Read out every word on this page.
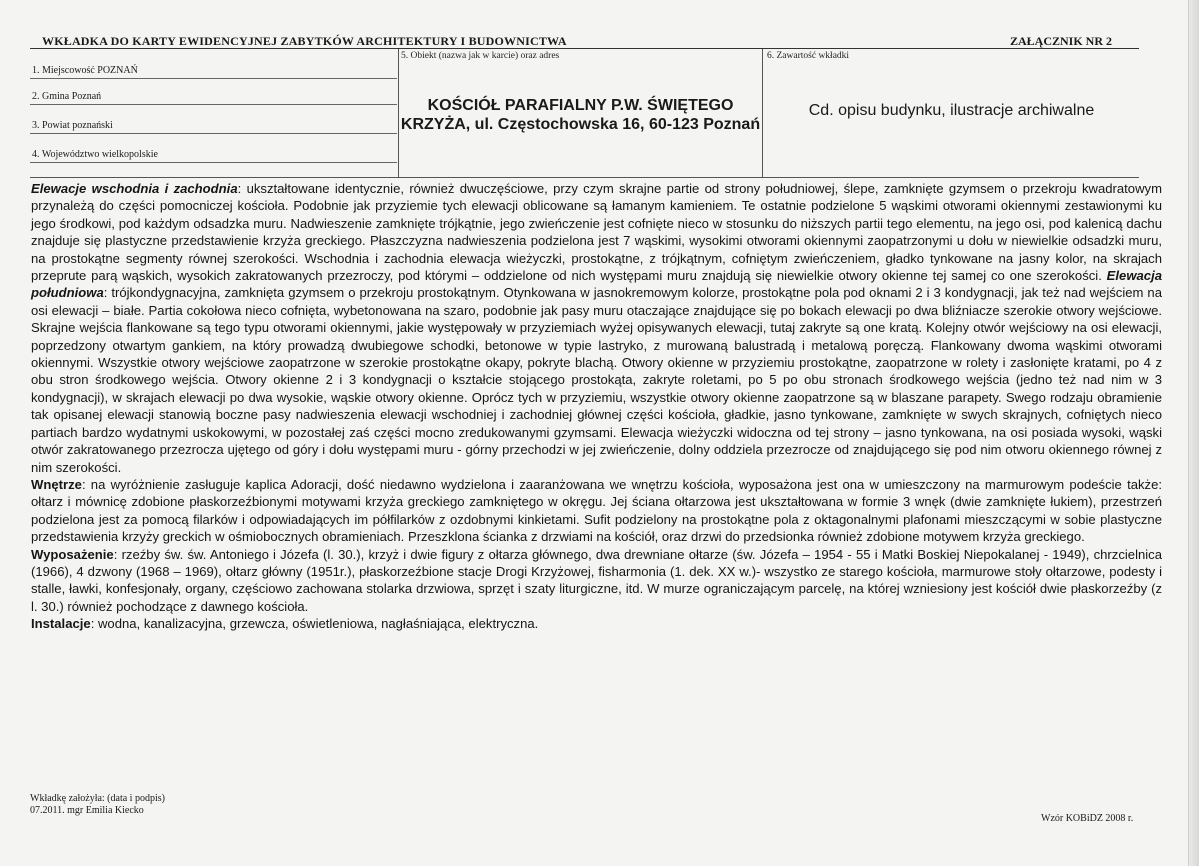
WKŁADKA DO KARTY EWIDENCYJNEJ ZABYTKÓW ARCHITEKTURY I BUDOWNICTWA	ZAŁĄCZNIK NR 2
1. Miejscowość POZNAŃ
2. Gmina Poznań
3. Powiat poznański
4. Województwo wielkopolskie
5. Obiekt (nazwa jak w karcie) oraz adres
KOŚCIÓŁ PARAFIALNY P.W. ŚWIĘTEGO KRZYŻA, ul. Częstochowska 16, 60-123 Poznań
6. Zawartość wkładki
Cd. opisu budynku, ilustracje archiwalne

Elewacje wschodnia i zachodnia: ukształtowane identycznie, również dwuczęściowe, przy czym skrajne partie od strony południowej, ślepe, zamknięte gzymsem o przekroju kwadratowym przynależą do części pomocniczej kościoła. Podobnie jak przyziemie tych elewacji oblicowane są łamanym kamieniem. Te ostatnie podzielone 5 wąskimi otworami okiennymi zestawionymi ku jego środkowi, pod każdym odsadzka muru. Nadwieszenie zamknięte trójkątnie, jego zwieńczenie jest cofnięte nieco w stosunku do niższych partii tego elementu, na jego osi, pod kalenicą dachu znajduje się plastyczne przedstawienie krzyża greckiego. Płaszczyzna nadwieszenia podzielona jest 7 wąskimi, wysokimi otworami okiennymi zaopatrzonymi u dołu w niewielkie odsadzki muru, na prostokątne segmenty równej szerokości. Wschodnia i zachodnia elewacja wieżyczki, prostokątne, z trójkątnym, cofniętym zwieńczeniem, gładko tynkowane na jasny kolor, na skrajach przeprute parą wąskich, wysokich zakratowanych przezroczy, pod którymi – oddzielone od nich występami muru znajdują się niewielkie otwory okienne tej samej co one szerokości. Elewacja południowa: trójkondygnacyjna, zamknięta gzymsem o przekroju prostokątnym. Otynkowana w jasnokremowym kolorze, prostokątne pola pod oknami 2 i 3 kondygnacji, jak też nad wejściem na osi elewacji – białe. Partia cokołowa nieco cofnięta, wybetonowana na szaro, podobnie jak pasy muru otaczające znajdujące się po bokach elewacji po dwa bliźniacze szerokie otwory wejściowe. Skrajne wejścia flankowane są tego typu otworami okiennymi, jakie występowały w przyziemiach wyżej opisywanych elewacji, tutaj zakryte są one kratą. Kolejny otwór wejściowy na osi elewacji, poprzedzony otwartym gankiem, na który prowadzą dwubiegowe schodki, betonowe w typie lastryko, z murowaną balustradą i metalową poręczą. Flankowany dwoma wąskimi otworami okiennymi. Wszystkie otwory wejściowe zaopatrzone w szerokie prostokątne okapy, pokryte blachą. Otwory okienne w przyziemiu prostokątne, zaopatrzone w rolety i zasłonięte kratami, po 4 z obu stron środkowego wejścia. Otwory okienne 2 i 3 kondygnacji o kształcie stojącego prostokąta, zakryte roletami, po 5 po obu stronach środkowego wejścia (jedno też nad nim w 3 kondygnacji), w skrajach elewacji po dwa wysokie, wąskie otwory okienne. Oprócz tych w przyziemiu, wszystkie otwory okienne zaopatrzone są w blaszane parapety. Swego rodzaju obramienie tak opisanej elewacji stanowią boczne pasy nadwieszenia elewacji wschodniej i zachodniej głównej części kościoła, gładkie, jasno tynkowane, zamknięte w swych skrajnych, cofniętych nieco partiach bardzo wydatnymi uskokowymi, w pozostałej zaś części mocno zredukowanymi gzymsami. Elewacja wieżyczki widoczna od tej strony – jasno tynkowana, na osi posiada wysoki, wąski otwór zakratowanego przezrocza ujętego od góry i dołu występami muru - górny przechodzi w jej zwieńczenie, dolny oddziela przezrocze od znajdującego się pod nim otworu okiennego równej z nim szerokości.

Wnętrze: na wyróżnienie zasługuje kaplica Adoracji, dość niedawno wydzielona i zaaranżowana we wnętrzu kościoła, wyposażona jest ona w umieszczony na marmurowym podeście także: ołtarz i mównicę zdobione płaskorzeźbionymi motywami krzyża greckiego zamkniętego w okręgu. Jej ściana ołtarzowa jest ukształtowana w formie 3 wnęk (dwie zamknięte łukiem), przestrzeń podzielona jest za pomocą filarków i odpowiadających im półfilarków z ozdobnymi kinkietami. Sufit podzielony na prostokątne pola z oktagonalnymi plafonami mieszczącymi w sobie plastyczne przedstawienia krzyży greckich w ośmiobocznych obramieniach. Przeszklona ścianka z drzwiami na kościół, oraz drzwi do przedsionka również zdobione motywem krzyża greckiego.

Wyposażenie: rzeźby św. św. Antoniego i Józefa (l. 30.), krzyż i dwie figury z ołtarza głównego, dwa drewniane ołtarze (św. Józefa – 1954 - 55 i Matki Boskiej Niepokalanej - 1949), chrzcielnica (1966), 4 dzwony (1968 – 1969), ołtarz główny (1951r.), płaskorzeźbione stacje Drogi Krzyżowej, fisharmonia (1. dek. XX w.)- wszystko ze starego kościoła, marmurowe stoły ołtarzowe, podesty i stalle, ławki, konfesjonały, organy, częściowo zachowana stolarka drzwiowa, sprzęt i szaty liturgiczne, itd. W murze ograniczającym parcelę, na której wzniesiony jest kościół dwie płaskorzeźby (z l. 30.) również pochodzące z dawnego kościoła.

Instalacje: wodna, kanalizacyjna, grzewcza, oświetleniowa, nagłaśniająca, elektryczna.

Wkładkę założyła: (data i podpis)
07.2011. mgr Emilia Kiecko
Wzór KOBiDZ 2008 r.
